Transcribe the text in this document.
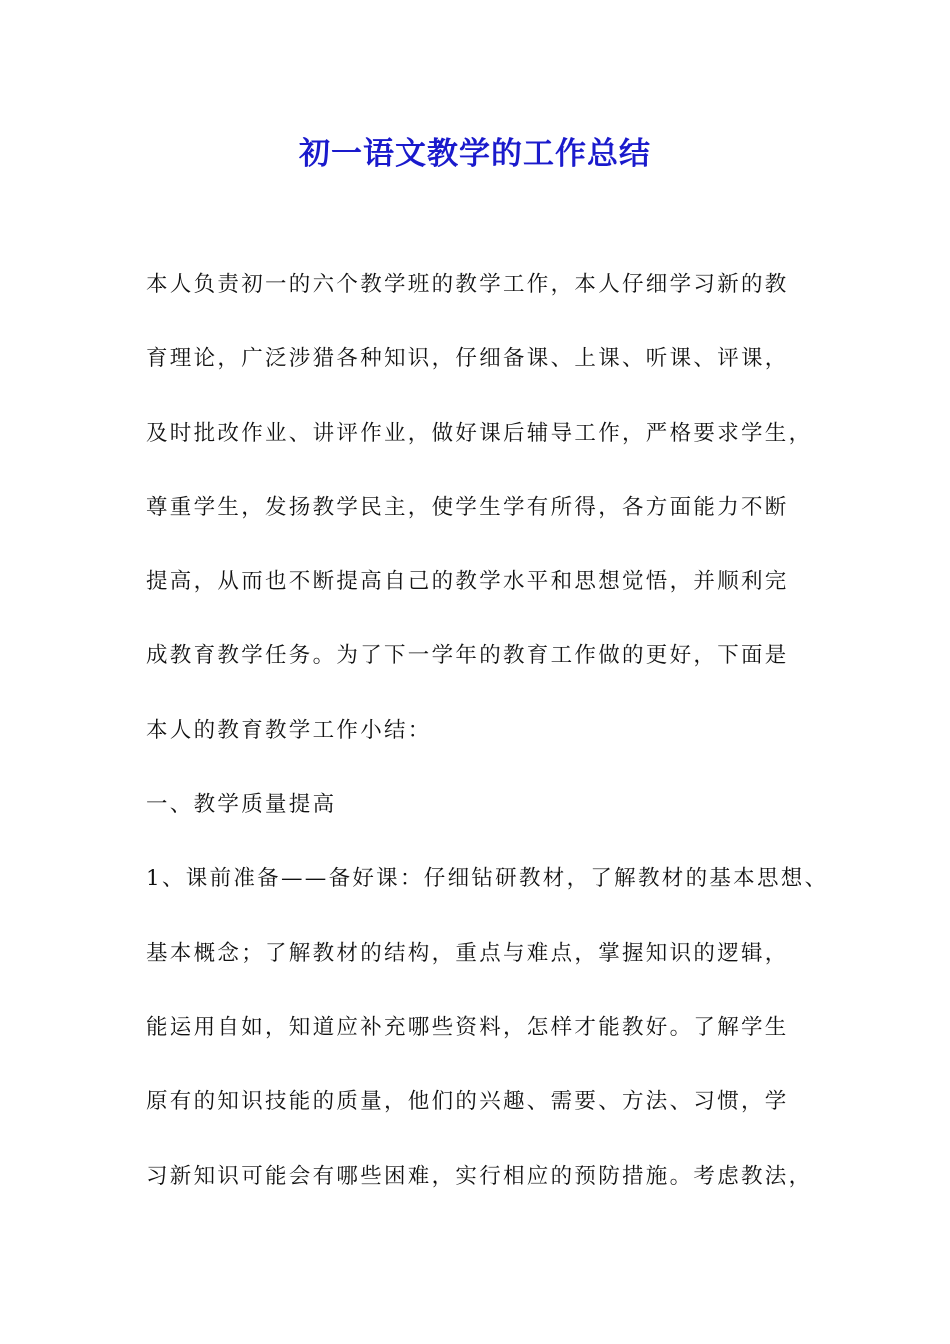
初一语文教学的工作总结
本人负责初一的六个教学班的教学工作，本人仔细学习新的教
育理论，广泛涉猎各种知识，仔细备课、上课、听课、评课，
及时批改作业、讲评作业，做好课后辅导工作，严格要求学生，
尊重学生，发扬教学民主，使学生学有所得，各方面能力不断
提高，从而也不断提高自己的教学水平和思想觉悟，并顺利完
成教育教学任务。为了下一学年的教育工作做的更好，下面是
本人的教育教学工作小结：
一、教学质量提高
1、课前准备——备好课：仔细钻研教材，了解教材的基本思想、
基本概念；了解教材的结构，重点与难点，掌握知识的逻辑，
能运用自如，知道应补充哪些资料，怎样才能教好。了解学生
原有的知识技能的质量，他们的兴趣、需要、方法、习惯，学
习新知识可能会有哪些困难，实行相应的预防措施。考虑教法，
